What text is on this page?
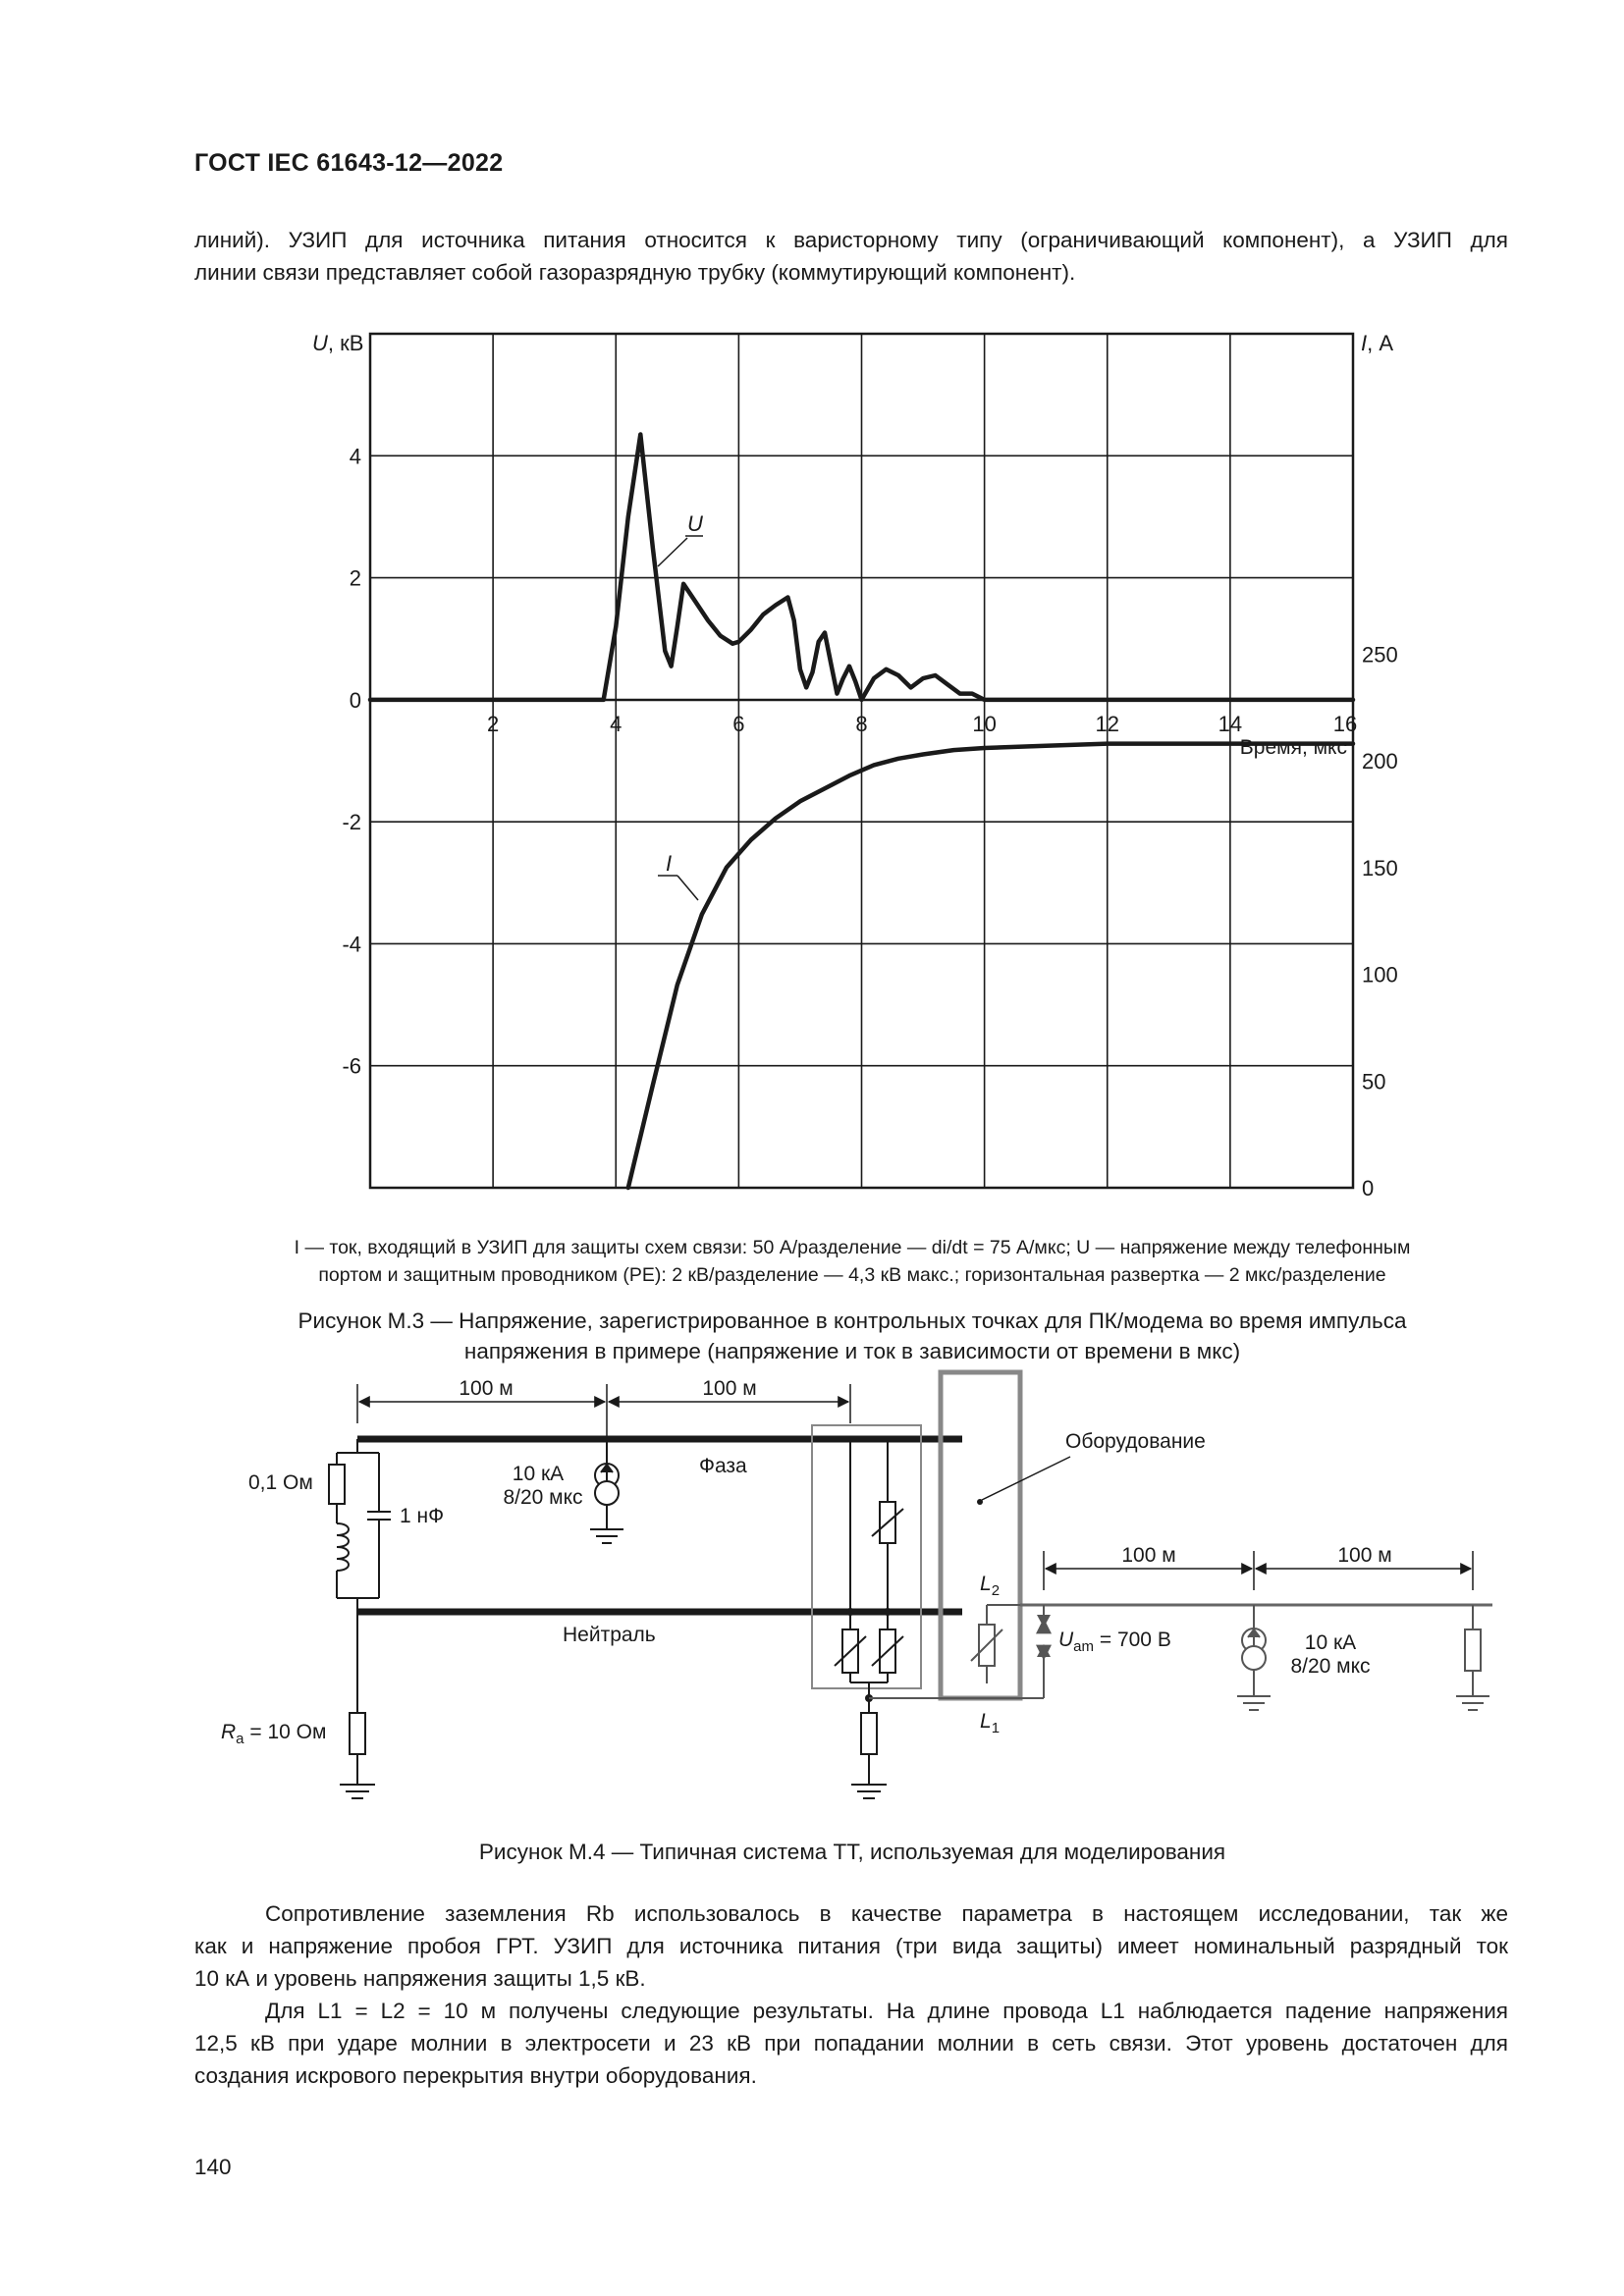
ГОСТ IEC 61643-12—2022
линий). УЗИП для источника питания относится к варисторному типу (ограничивающий компонент), а УЗИП для
линии связи представляет собой газоразрядную трубку (коммутирующий компонент).
2	4	6	8	10	12	14	16
4
2
0
-2
-4
-6
250
200
150
100
50
0
U, кВ	I, А
Время, мкс
U
I
I — ток, входящий в УЗИП для защиты схем связи: 50 А/разделение — di/dt = 75 А/мкс; U — напряжение между телефонным
портом и защитным проводником (PE): 2 кВ/разделение — 4,3 кВ макс.; горизонтальная развертка — 2 мкс/разделение
Рисунок М.3 — Напряжение, зарегистрированное в контрольных точках для ПК/модема во время импульса
напряжения в примере (напряжение и ток в зависимости от времени в мкс)
100 м	100 м
Фаза
Нейтраль
0,1 Ом
1 нФ
$R_a = 10$ Ом
10 кА
8/20 мкс
Оборудование
$U_{am} = 700$ В
$L_2$
$L_1$
100 м	100 м
10 кА
8/20 мкс
Рисунок М.4 — Типичная система ТТ, используемая для моделирования
Сопротивление заземления Rb использовалось в качестве параметра в настоящем исследовании, так же
как и напряжение пробоя ГРТ. УЗИП для источника питания (три вида защиты) имеет номинальный разрядный ток
10 кА и уровень напряжения защиты 1,5 кВ.
Для L1 = L2 = 10 м получены следующие результаты. На длине провода L1 наблюдается падение напряжения
12,5 кВ при ударе молнии в электросети и 23 кВ при попадании молнии в сеть связи. Этот уровень достаточен для
создания искрового перекрытия внутри оборудования.
140
